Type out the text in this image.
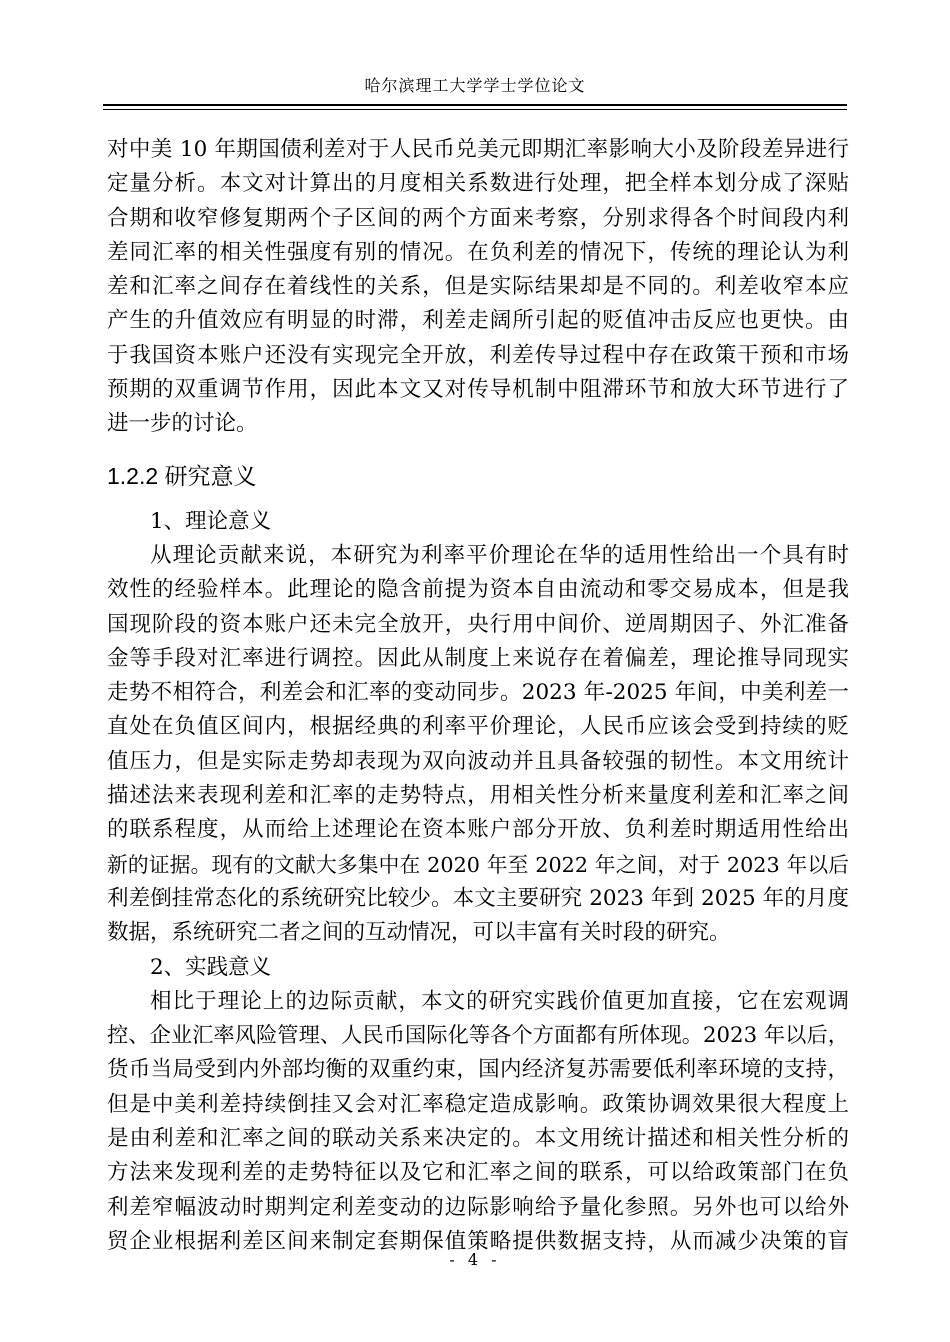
哈尔滨理工大学学士学位论文
对中美 10 年期国债利差对于人民币兑美元即期汇率影响大小及阶段差异进行
定量分析。本文对计算出的月度相关系数进行处理，把全样本划分成了深贴
合期和收窄修复期两个子区间的两个方面来考察，分别求得各个时间段内利
差同汇率的相关性强度有别的情况。在负利差的情况下，传统的理论认为利
差和汇率之间存在着线性的关系，但是实际结果却是不同的。利差收窄本应
产生的升值效应有明显的时滞，利差走阔所引起的贬值冲击反应也更快。由
于我国资本账户还没有实现完全开放，利差传导过程中存在政策干预和市场
预期的双重调节作用，因此本文又对传导机制中阻滞环节和放大环节进行了
进一步的讨论。
1.2.2 研究意义
1、理论意义
从理论贡献来说，本研究为利率平价理论在华的适用性给出一个具有时
效性的经验样本。此理论的隐含前提为资本自由流动和零交易成本，但是我
国现阶段的资本账户还未完全放开，央行用中间价、逆周期因子、外汇准备
金等手段对汇率进行调控。因此从制度上来说存在着偏差，理论推导同现实
走势不相符合，利差会和汇率的变动同步。2023 年-2025 年间，中美利差一
直处在负值区间内，根据经典的利率平价理论，人民币应该会受到持续的贬
值压力，但是实际走势却表现为双向波动并且具备较强的韧性。本文用统计
描述法来表现利差和汇率的走势特点，用相关性分析来量度利差和汇率之间
的联系程度，从而给上述理论在资本账户部分开放、负利差时期适用性给出
新的证据。现有的文献大多集中在 2020 年至 2022 年之间，对于 2023 年以后
利差倒挂常态化的系统研究比较少。本文主要研究 2023 年到 2025 年的月度
数据，系统研究二者之间的互动情况，可以丰富有关时段的研究。
2、实践意义
相比于理论上的边际贡献，本文的研究实践价值更加直接，它在宏观调
控、企业汇率风险管理、人民币国际化等各个方面都有所体现。2023 年以后，
货币当局受到内外部均衡的双重约束，国内经济复苏需要低利率环境的支持，
但是中美利差持续倒挂又会对汇率稳定造成影响。政策协调效果很大程度上
是由利差和汇率之间的联动关系来决定的。本文用统计描述和相关性分析的
方法来发现利差的走势特征以及它和汇率之间的联系，可以给政策部门在负
利差窄幅波动时期判定利差变动的边际影响给予量化参照。另外也可以给外
贸企业根据利差区间来制定套期保值策略提供数据支持，从而减少决策的盲
- 4 -
